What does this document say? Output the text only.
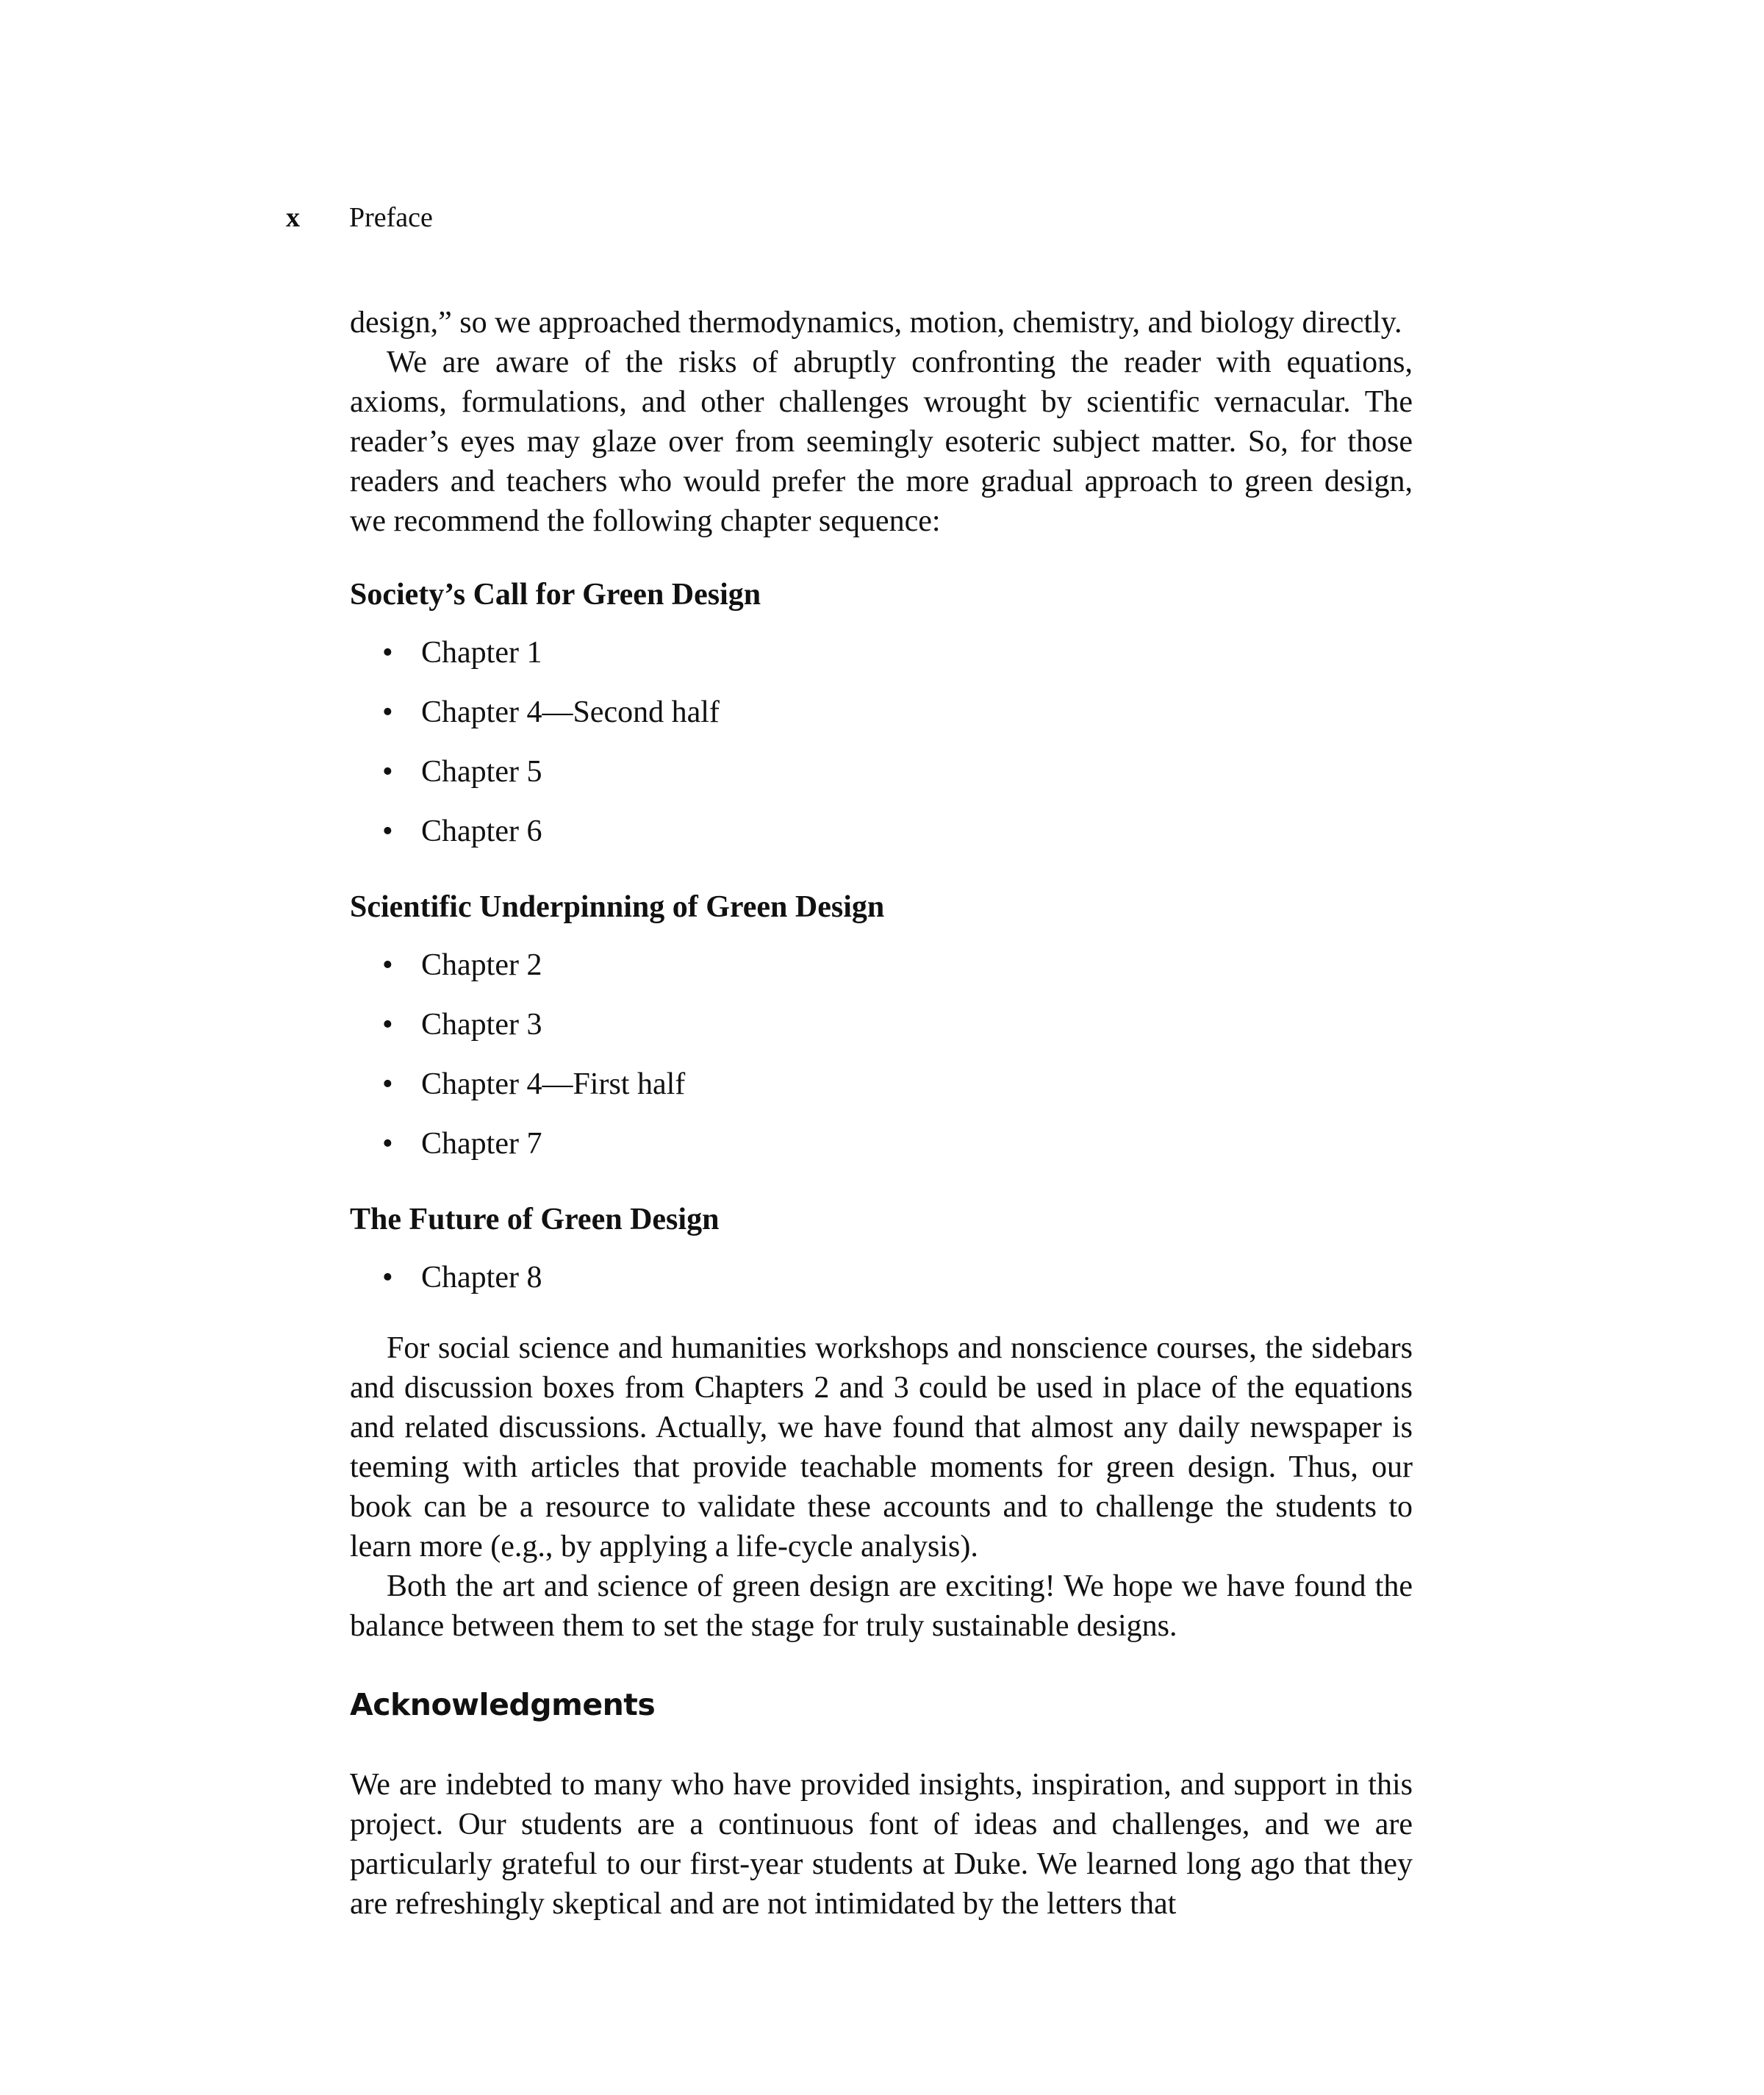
x	Preface

design,” so we approached thermodynamics, motion, chemistry, and biology directly.

We are aware of the risks of abruptly confronting the reader with equations, axioms, formulations, and other challenges wrought by scientific vernacular. The reader’s eyes may glaze over from seemingly esoteric subject matter. So, for those readers and teachers who would prefer the more gradual approach to green design, we recommend the following chapter sequence:

Society’s Call for Green Design
• Chapter 1
• Chapter 4—Second half
• Chapter 5
• Chapter 6
Scientific Underpinning of Green Design
• Chapter 2
• Chapter 3
• Chapter 4—First half
• Chapter 7
The Future of Green Design
• Chapter 8

For social science and humanities workshops and nonscience courses, the sidebars and discussion boxes from Chapters 2 and 3 could be used in place of the equations and related discussions. Actually, we have found that almost any daily newspaper is teeming with articles that provide teachable moments for green design. Thus, our book can be a resource to validate these accounts and to challenge the students to learn more (e.g., by applying a life-cycle analysis).

Both the art and science of green design are exciting! We hope we have found the balance between them to set the stage for truly sustainable designs.

Acknowledgments

We are indebted to many who have provided insights, inspiration, and support in this project. Our students are a continuous font of ideas and challenges, and we are particularly grateful to our first-year students at Duke. We learned long ago that they are refreshingly skeptical and are not intimidated by the letters that
